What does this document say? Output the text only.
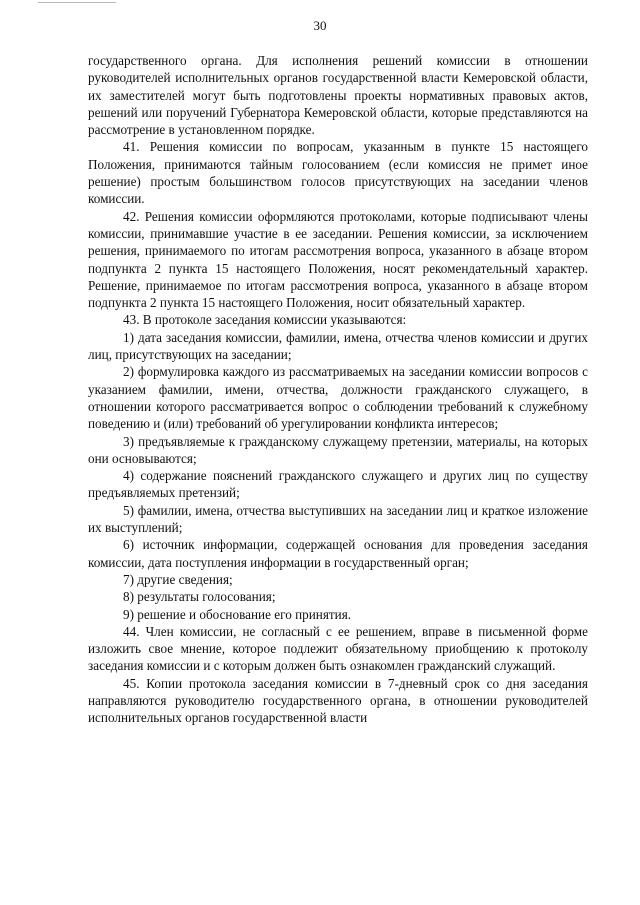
30

государственного органа. Для исполнения решений комиссии в отношении руководителей исполнительных органов государственной власти Кемеровской области, их заместителей могут быть подготовлены проекты нормативных правовых актов, решений или поручений Губернатора Кемеровской области, которые представляются на рассмотрение в установленном порядке.

41. Решения комиссии по вопросам, указанным в пункте 15 настоящего Положения, принимаются тайным голосованием (если комиссия не примет иное решение) простым большинством голосов присутствующих на заседании членов комиссии.

42. Решения комиссии оформляются протоколами, которые подписывают члены комиссии, принимавшие участие в ее заседании. Решения комиссии, за исключением решения, принимаемого по итогам рассмотрения вопроса, указанного в абзаце втором подпункта 2 пункта 15 настоящего Положения, носят рекомендательный характер. Решение, принимаемое по итогам рассмотрения вопроса, указанного в абзаце втором подпункта 2 пункта 15 настоящего Положения, носит обязательный характер.

43. В протоколе заседания комиссии указываются:

1) дата заседания комиссии, фамилии, имена, отчества членов комиссии и других лиц, присутствующих на заседании;

2) формулировка каждого из рассматриваемых на заседании комиссии вопросов с указанием фамилии, имени, отчества, должности гражданского служащего, в отношении которого рассматривается вопрос о соблюдении требований к служебному поведению и (или) требований об урегулировании конфликта интересов;

3) предъявляемые к гражданскому служащему претензии, материалы, на которых они основываются;

4) содержание пояснений гражданского служащего и других лиц по существу предъявляемых претензий;

5) фамилии, имена, отчества выступивших на заседании лиц и краткое изложение их выступлений;

6) источник информации, содержащей основания для проведения заседания комиссии, дата поступления информации в государственный орган;

7) другие сведения;

8) результаты голосования;

9) решение и обоснование его принятия.

44. Член комиссии, не согласный с ее решением, вправе в письменной форме изложить свое мнение, которое подлежит обязательному приобщению к протоколу заседания комиссии и с которым должен быть ознакомлен гражданский служащий.

45. Копии протокола заседания комиссии в 7-дневный срок со дня заседания направляются руководителю государственного органа, в отношении руководителей исполнительных органов государственной власти
